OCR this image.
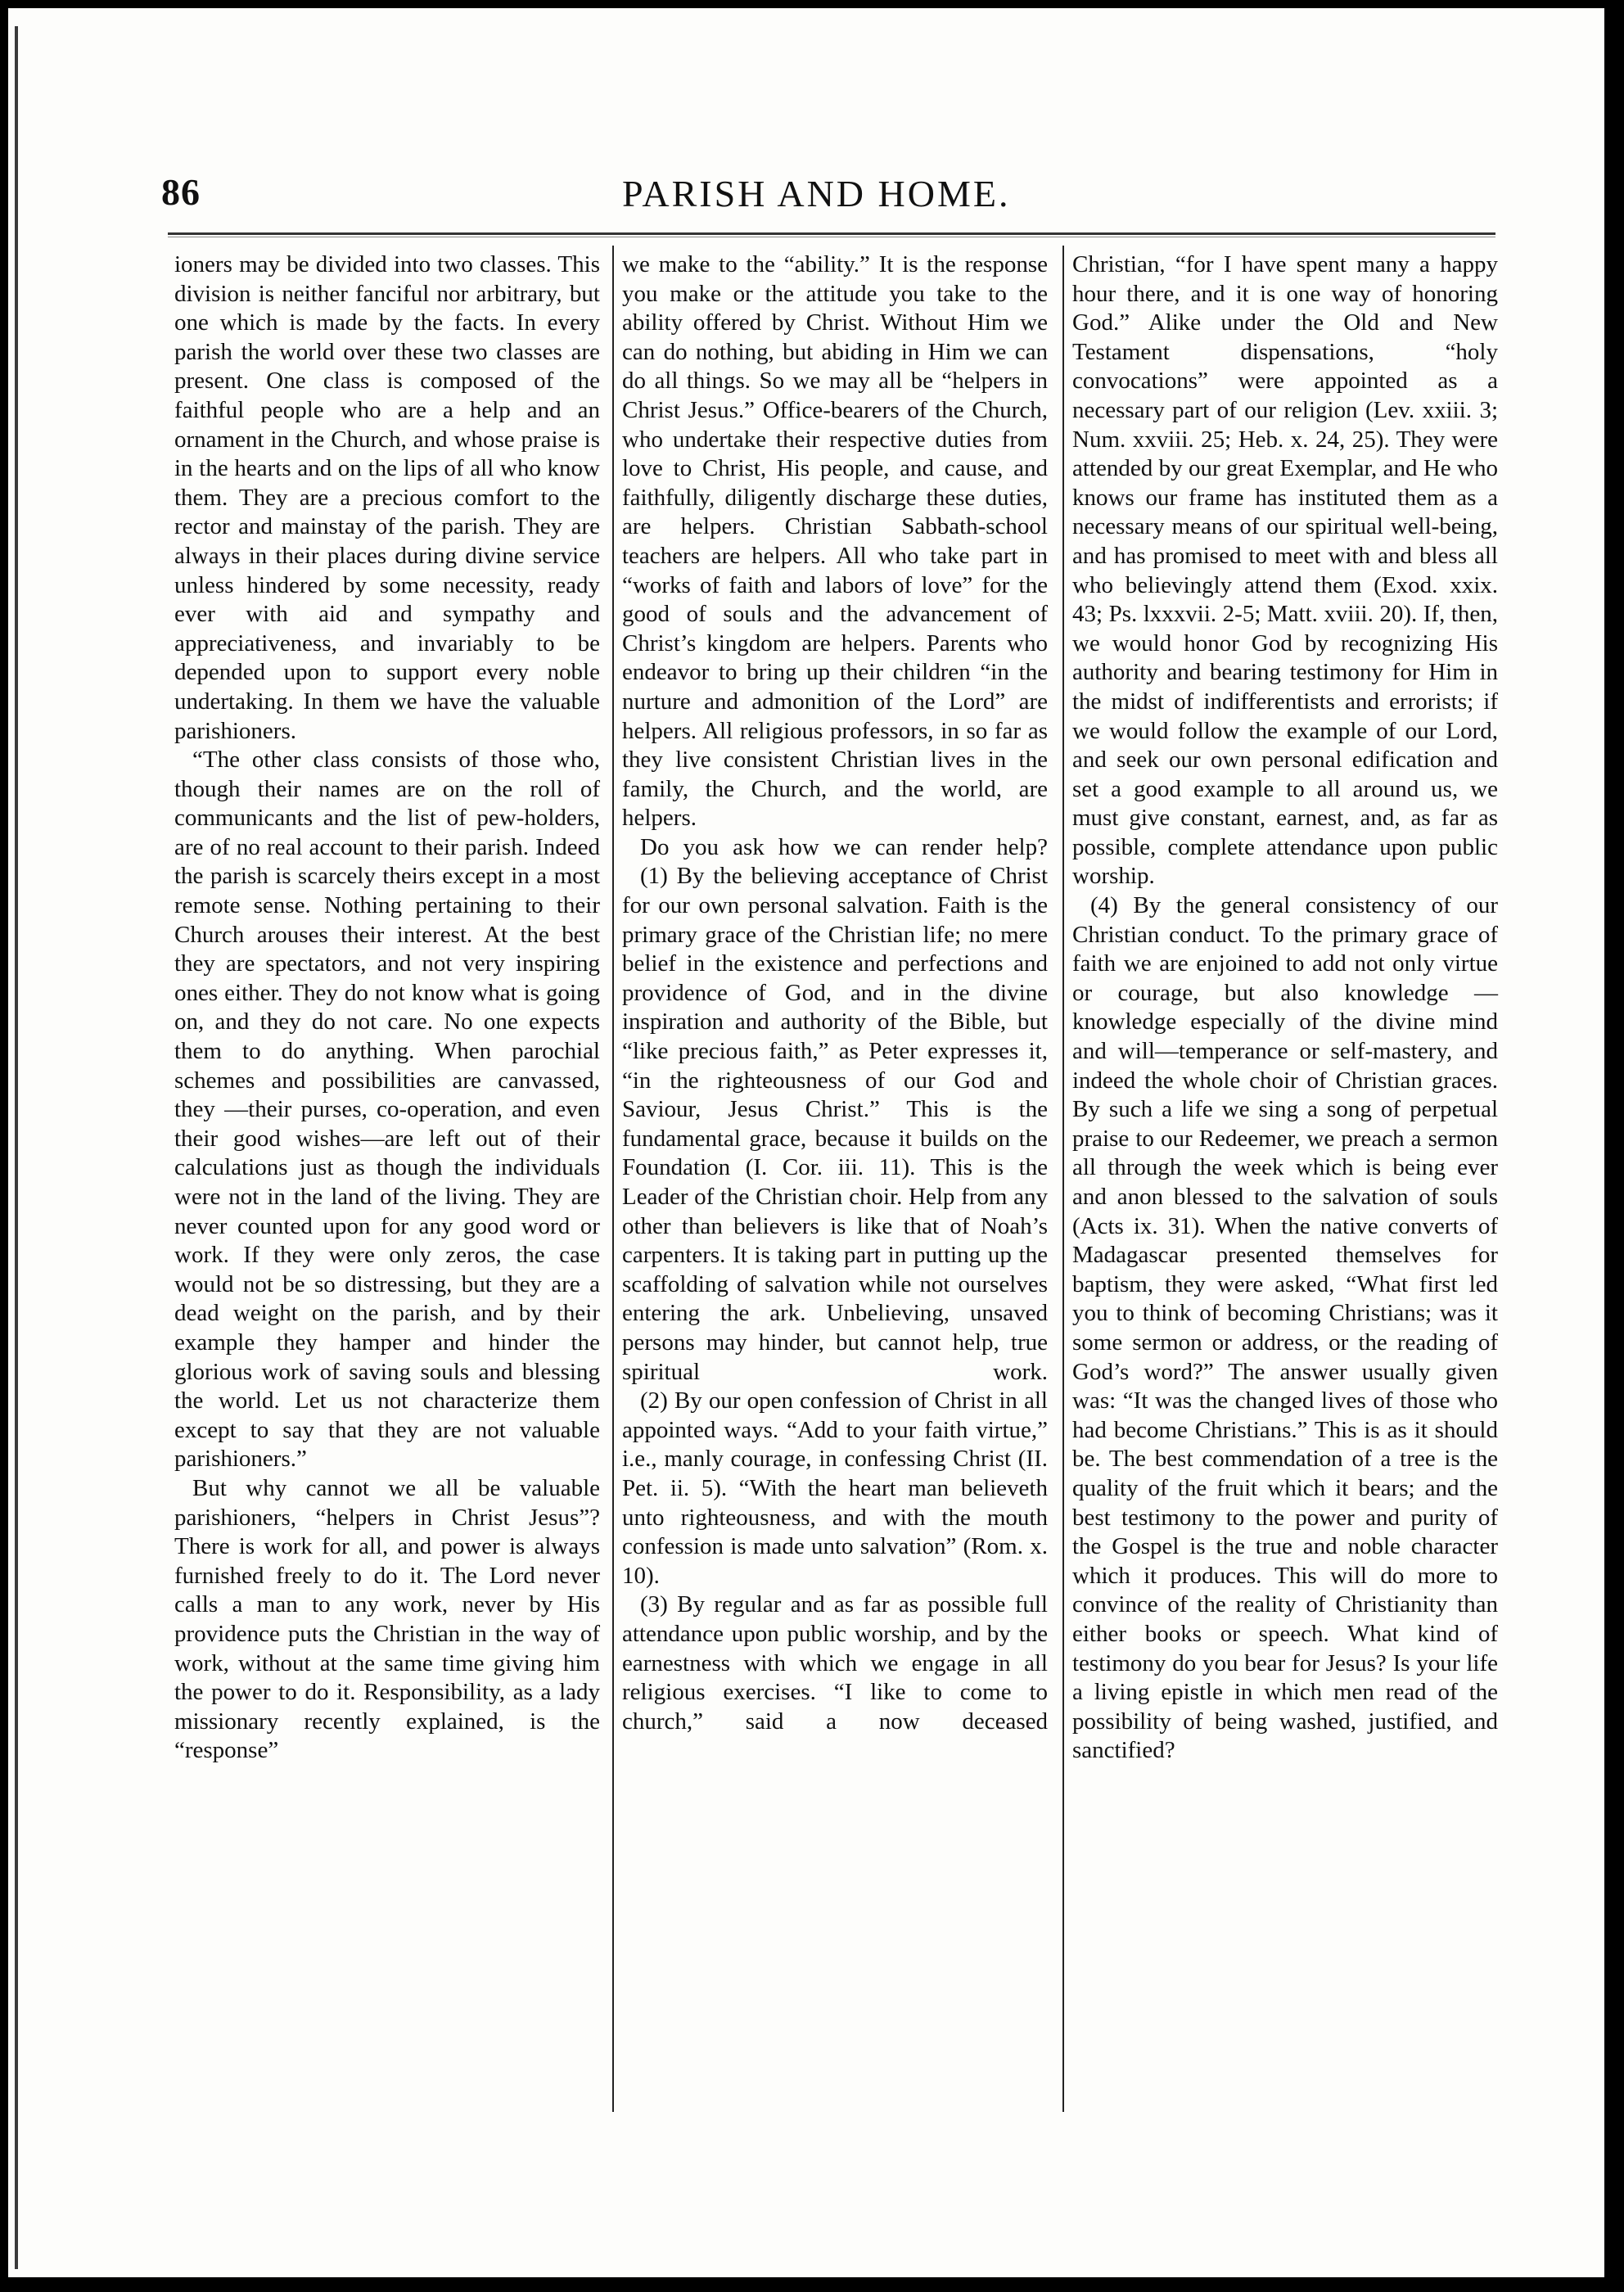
86	PARISH AND HOME.

ioners may be divided into two classes. This division is neither fanciful nor arbitrary, but one which is made by the facts. In every parish the world over these two classes are present. One class is composed of the faithful people who are a help and an ornament in the Church, and whose praise is in the hearts and on the lips of all who know them. They are a precious comfort to the rector and mainstay of the parish. They are always in their places during divine service unless hindered by some necessity, ready ever with aid and sympathy and appreciativeness, and invariably to be depended upon to support every noble undertaking. In them we have the valuable parishioners.

“The other class consists of those who, though their names are on the roll of communicants and the list of pew-holders, are of no real account to their parish. Indeed the parish is scarcely theirs except in a most remote sense. Nothing pertaining to their Church arouses their interest. At the best they are spectators, and not very inspiring ones either. They do not know what is going on, and they do not care. No one expects them to do anything. When parochial schemes and possibilities are canvassed, they —their purses, co-operation, and even their good wishes—are left out of their calculations just as though the individuals were not in the land of the living. They are never counted upon for any good word or work. If they were only zeros, the case would not be so distressing, but they are a dead weight on the parish, and by their example they hamper and hinder the glorious work of saving souls and blessing the world. Let us not characterize them except to say that they are not valuable parishioners.”

But why cannot we all be valuable parishioners, “helpers in Christ Jesus”? There is work for all, and power is always furnished freely to do it. The Lord never calls a man to any work, never by His providence puts the Christian in the way of work, without at the same time giving him the power to do it. Responsibility, as a lady missionary recently explained, is the “response”

we make to the “ability.” It is the response you make or the attitude you take to the ability offered by Christ. Without Him we can do nothing, but abiding in Him we can do all things. So we may all be “helpers in Christ Jesus.” Office-bearers of the Church, who undertake their respective duties from love to Christ, His people, and cause, and faithfully, diligently discharge these duties, are helpers. Christian Sabbath-school teachers are helpers. All who take part in “works of faith and labors of love” for the good of souls and the advancement of Christ’s kingdom are helpers. Parents who endeavor to bring up their children “in the nurture and admonition of the Lord” are helpers. All religious professors, in so far as they live consistent Christian lives in the family, the Church, and the world, are helpers.

Do you ask how we can render help?

(1) By the believing acceptance of Christ for our own personal salvation. Faith is the primary grace of the Christian life; no mere belief in the existence and perfections and providence of God, and in the divine inspiration and authority of the Bible, but “like precious faith,” as Peter expresses it, “in the righteousness of our God and Saviour, Jesus Christ.” This is the fundamental grace, because it builds on the Foundation (I. Cor. iii. 11). This is the Leader of the Christian choir. Help from any other than believers is like that of Noah’s carpenters. It is taking part in putting up the scaffolding of salvation while not ourselves entering the ark. Unbelieving, unsaved persons may hinder, but cannot help, true spiritual work.

(2) By our open confession of Christ in all appointed ways. “Add to your faith virtue,” i.e., manly courage, in confessing Christ (II. Pet. ii. 5). “With the heart man believeth unto righteousness, and with the mouth confession is made unto salvation” (Rom. x. 10).

(3) By regular and as far as possible full attendance upon public worship, and by the earnestness with which we engage in all religious exercises. “I like to come to church,” said a now deceased

Christian, “for I have spent many a happy hour there, and it is one way of honoring God.” Alike under the Old and New Testament dispensations, “holy convocations” were appointed as a necessary part of our religion (Lev. xxiii. 3; Num. xxviii. 25; Heb. x. 24, 25). They were attended by our great Exemplar, and He who knows our frame has instituted them as a necessary means of our spiritual well-being, and has promised to meet with and bless all who believingly attend them (Exod. xxix. 43; Ps. lxxxvii. 2-5; Matt. xviii. 20). If, then, we would honor God by recognizing His authority and bearing testimony for Him in the midst of indifferentists and errorists; if we would follow the example of our Lord, and seek our own personal edification and set a good example to all around us, we must give constant, earnest, and, as far as possible, complete attendance upon public worship.

(4) By the general consistency of our Christian conduct. To the primary grace of faith we are enjoined to add not only virtue or courage, but also knowledge — knowledge especially of the divine mind and will—temperance or self-mastery, and indeed the whole choir of Christian graces. By such a life we sing a song of perpetual praise to our Redeemer, we preach a sermon all through the week which is being ever and anon blessed to the salvation of souls (Acts ix. 31). When the native converts of Madagascar presented themselves for baptism, they were asked, “What first led you to think of becoming Christians; was it some sermon or address, or the reading of God’s word?” The answer usually given was: “It was the changed lives of those who had become Christians.” This is as it should be. The best commendation of a tree is the quality of the fruit which it bears; and the best testimony to the power and purity of the Gospel is the true and noble character which it produces. This will do more to convince of the reality of Christianity than either books or speech. What kind of testimony do you bear for Jesus? Is your life a living epistle in which men read of the possibility of being washed, justified, and sanctified?
